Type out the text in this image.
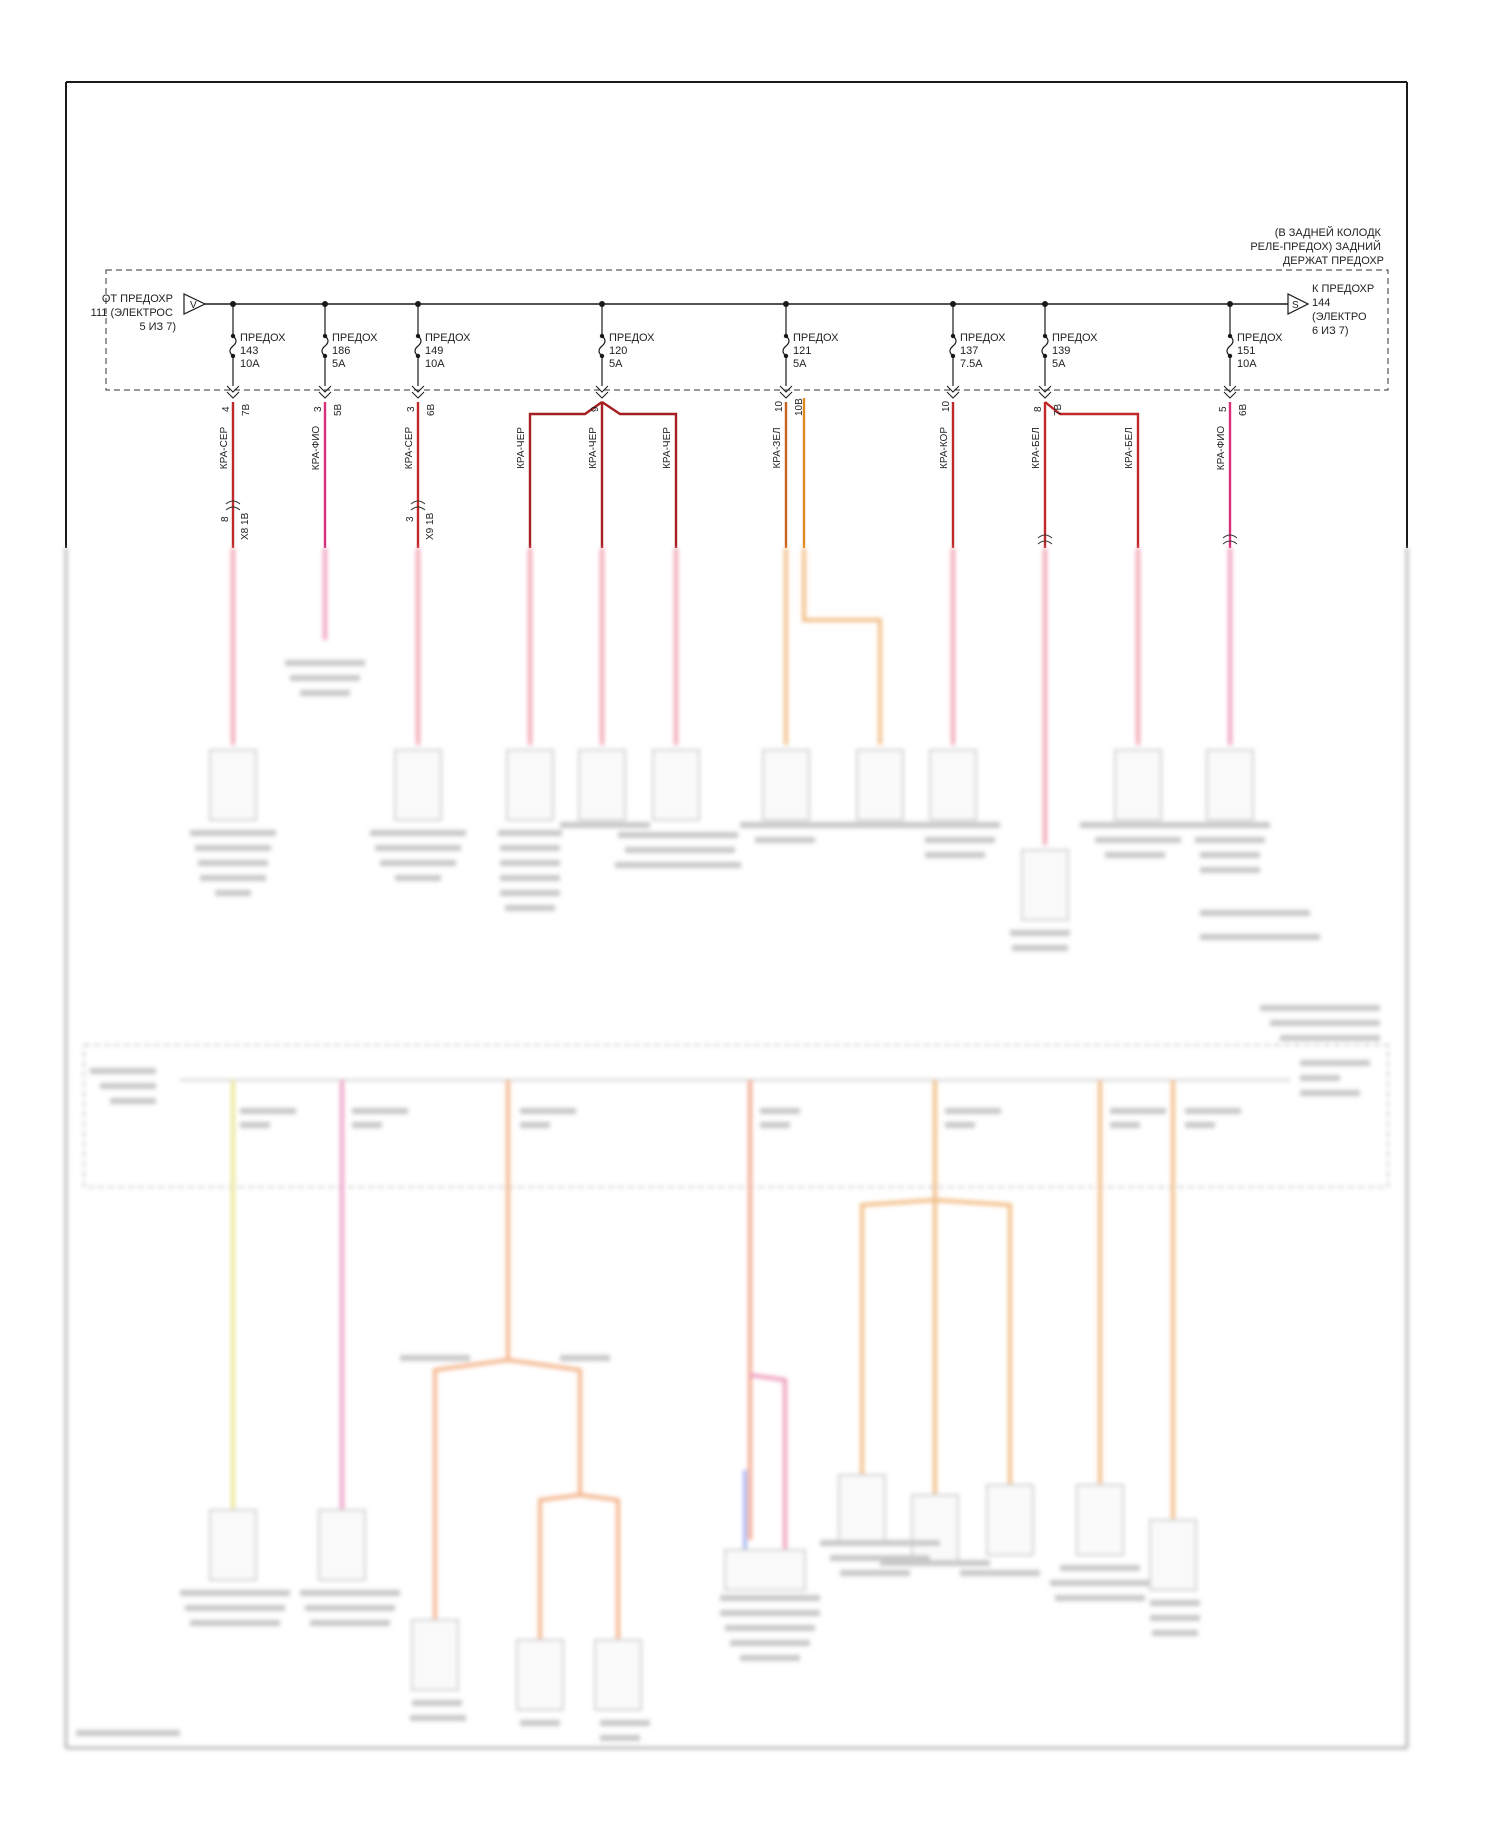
(В ЗАДНЕЙ КОЛОДК РЕЛЕ-ПРЕДОХ) ЗАДНИЙ ДЕРЖАТ ПРЕДОХР
ОТ ПРЕДОХР 111 (ЭЛЕКТРОС 5 ИЗ 7)
V	S
К ПРЕДОХР 144 (ЭЛЕКТРО 6 ИЗ 7)
ПРЕДОХ 143 10A
ПРЕДОХ 186 5A
ПРЕДОХ 149 10A
ПРЕДОХ 120 5A
ПРЕДОХ 121 5A
ПРЕДОХ 137 7.5A
ПРЕДОХ 139 5A
ПРЕДОХ 151 10A
4 7B	3 5B	3 6B	9	10 10B	10	8 7B	5 6B
КРА-СЕР	КРА-ФИО	КРА-СЕР	КРА-ЧЕР	КРА-ЧЕР	КРА-ЧЕР	КРА-ЗЕЛ	КРА-КОР	КРА-БЕЛ	КРА-БЕЛ	КРА-ФИО
8 X8 1B	3 X9 1B
